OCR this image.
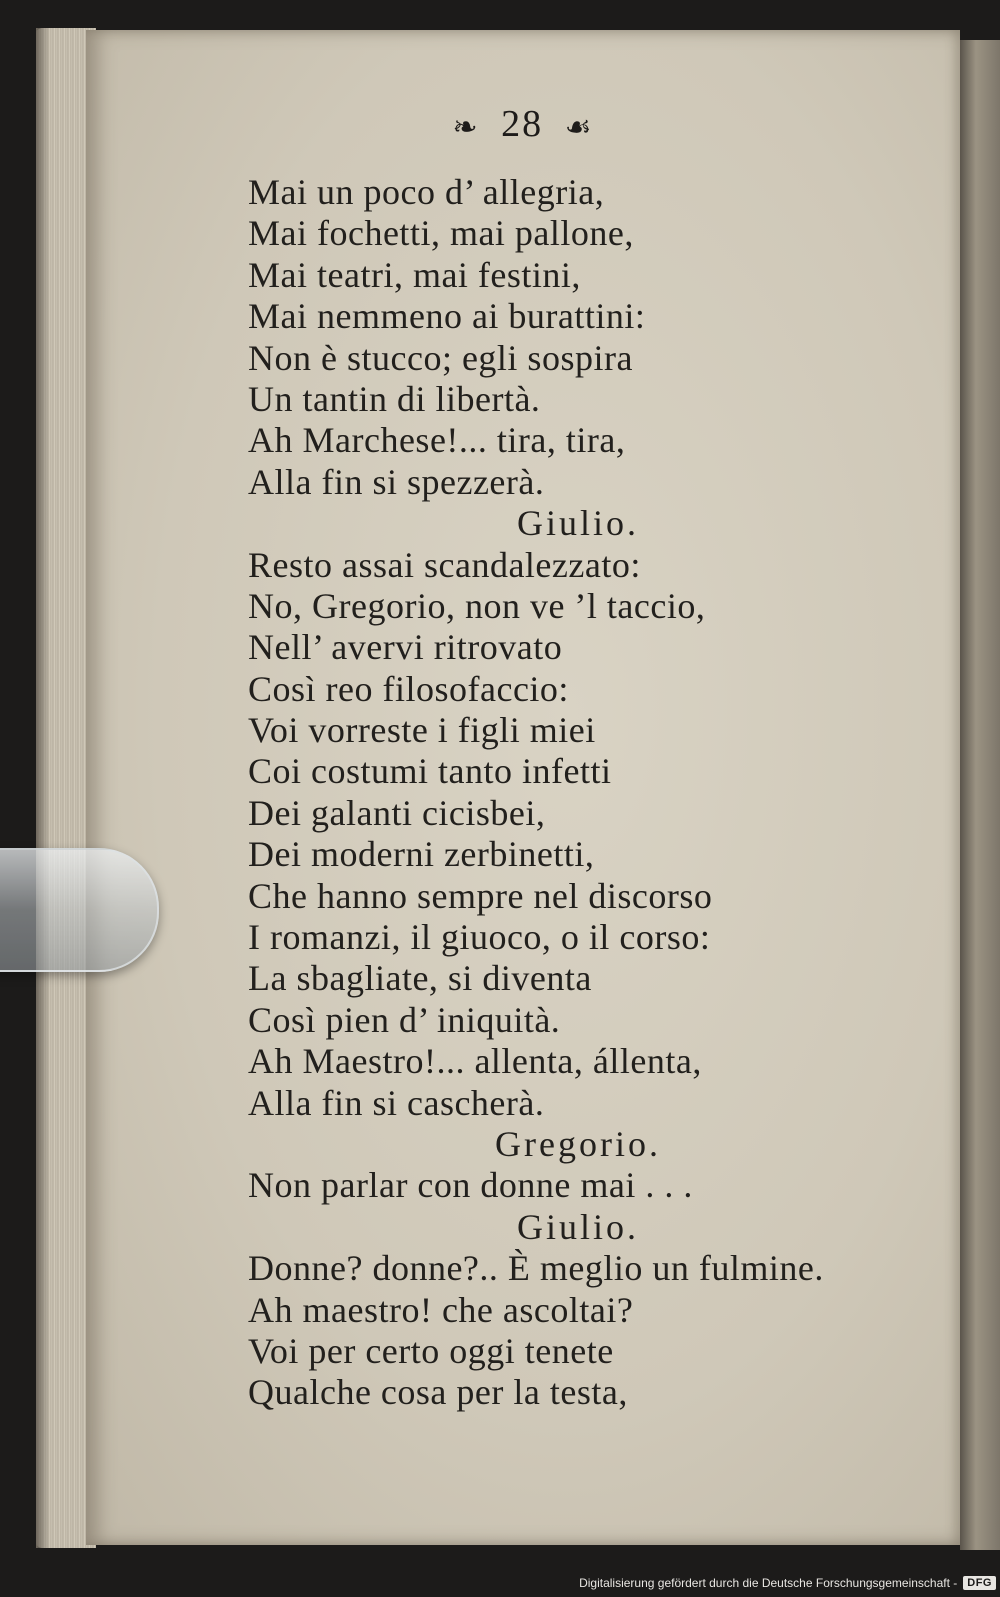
❧ 28 ☙
Mai un poco d’ allegria,
Mai fochetti, mai pallone,
Mai teatri, mai festini,
Mai nemmeno ai burattini:
Non è stucco; egli sospira
Un tantin di libertà.
Ah Marchese!... tira, tira,
Alla fin si spezzerà.
Giulio.
Resto assai scandalezzato:
No, Gregorio, non ve ’l taccio,
Nell’ avervi ritrovato
Così reo filosofaccio:
Voi vorreste i figli miei
Coi costumi tanto infetti
Dei galanti cicisbei,
Dei moderni zerbinetti,
Che hanno sempre nel discorso
I romanzi, il giuoco, o il corso:
La sbagliate, si diventa
Così pien d’ iniquità.
Ah Maestro!... allenta, állenta,
Alla fin si cascherà.
Gregorio.
Non parlar con donne mai . . .
Giulio.
Donne? donne?.. È meglio un fulmine.
Ah maestro! che ascoltai?
Voi per certo oggi tenete
Qualche cosa per la testa,
Digitalisierung gefördert durch die Deutsche Forschungsgemeinschaft - DFG
